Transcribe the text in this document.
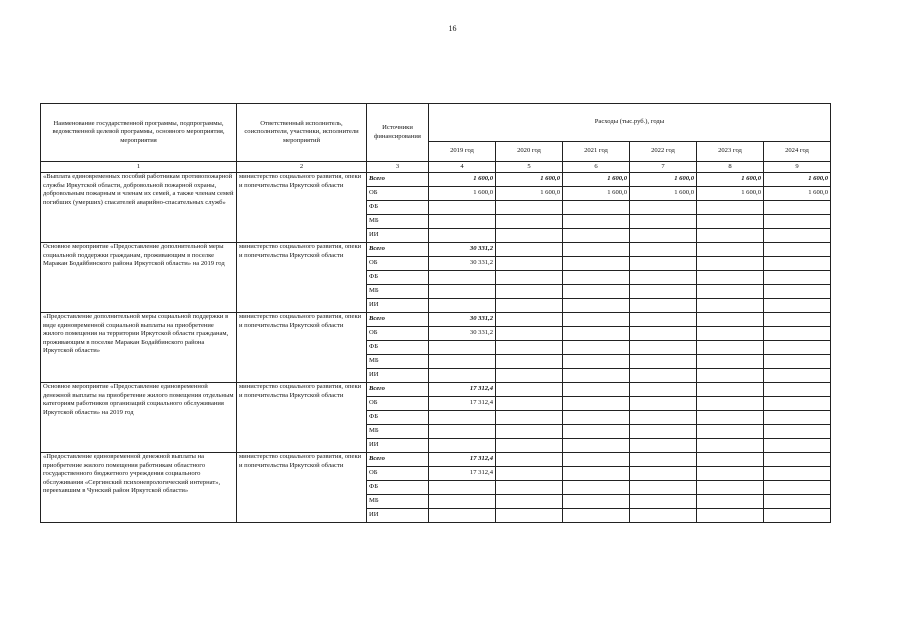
16
Наименование государственной программы, подпрограммы, ведомственной целевой программы, основного мероприятия, мероприятия	Ответственный исполнитель, соисполнители, участники, исполнители мероприятий	Источники финансирования	Расходы (тыс.руб.), годы					
			2019 год	2020 год	2021 год	2022 год	2023 год	2024 год
1	2	3	4	5	6	7	8	9
«Выплата единовременных пособий работникам противопожарной службы Иркутской области, добровольной пожарной охраны, добровольным пожарным и членам их семей, а также членам семей погибших (умерших) спасателей аварийно-спасательных служб»	министерство социального развития, опеки и попечительства Иркутской области	Всего	1 600,0	1 600,0	1 600,0	1 600,0	1 600,0	1 600,0
		ОБ	1 600,0	1 600,0	1 600,0	1 600,0	1 600,0	1 600,0
		ФБ						
		МБ						
		ИИ						
Основное мероприятие «Предоставление дополнительной меры социальной поддержки гражданам, проживающим в поселке Маракан Бодайбинского района Иркутской области» на 2019 год	министерство социального развития, опеки и попечительства Иркутской области	Всего	30 331,2					
		ОБ	30 331,2					
		ФБ						
		МБ						
		ИИ						
«Предоставление дополнительной меры социальной поддержки в виде единовременной социальной выплаты на приобретение жилого помещения на территории Иркутской области гражданам, проживающим в поселке Маракан Бодайбинского района Иркутской области»	министерство социального развития, опеки и попечительства Иркутской области	Всего	30 331,2					
		ОБ	30 331,2					
		ФБ						
		МБ						
		ИИ						
Основное мероприятие «Предоставление единовременной денежной выплаты на приобретение жилого помещения отдельным категориям работников организаций социального обслуживания Иркутской области» на 2019 год	министерство социального развития, опеки и попечительства Иркутской области	Всего	17 312,4					
		ОБ	17 312,4					
		ФБ						
		МБ						
		ИИ						
«Предоставление единовременной денежной выплаты на приобретение жилого помещения работникам областного государственного бюджетного учреждения социального обслуживания «Сергинский психоневрологический интернат», переехавшим в Чунский район Иркутской области»	министерство социального развития, опеки и попечительства Иркутской области	Всего	17 312,4					
		ОБ	17 312,4					
		ФБ						
		МБ						
		ИИ						
